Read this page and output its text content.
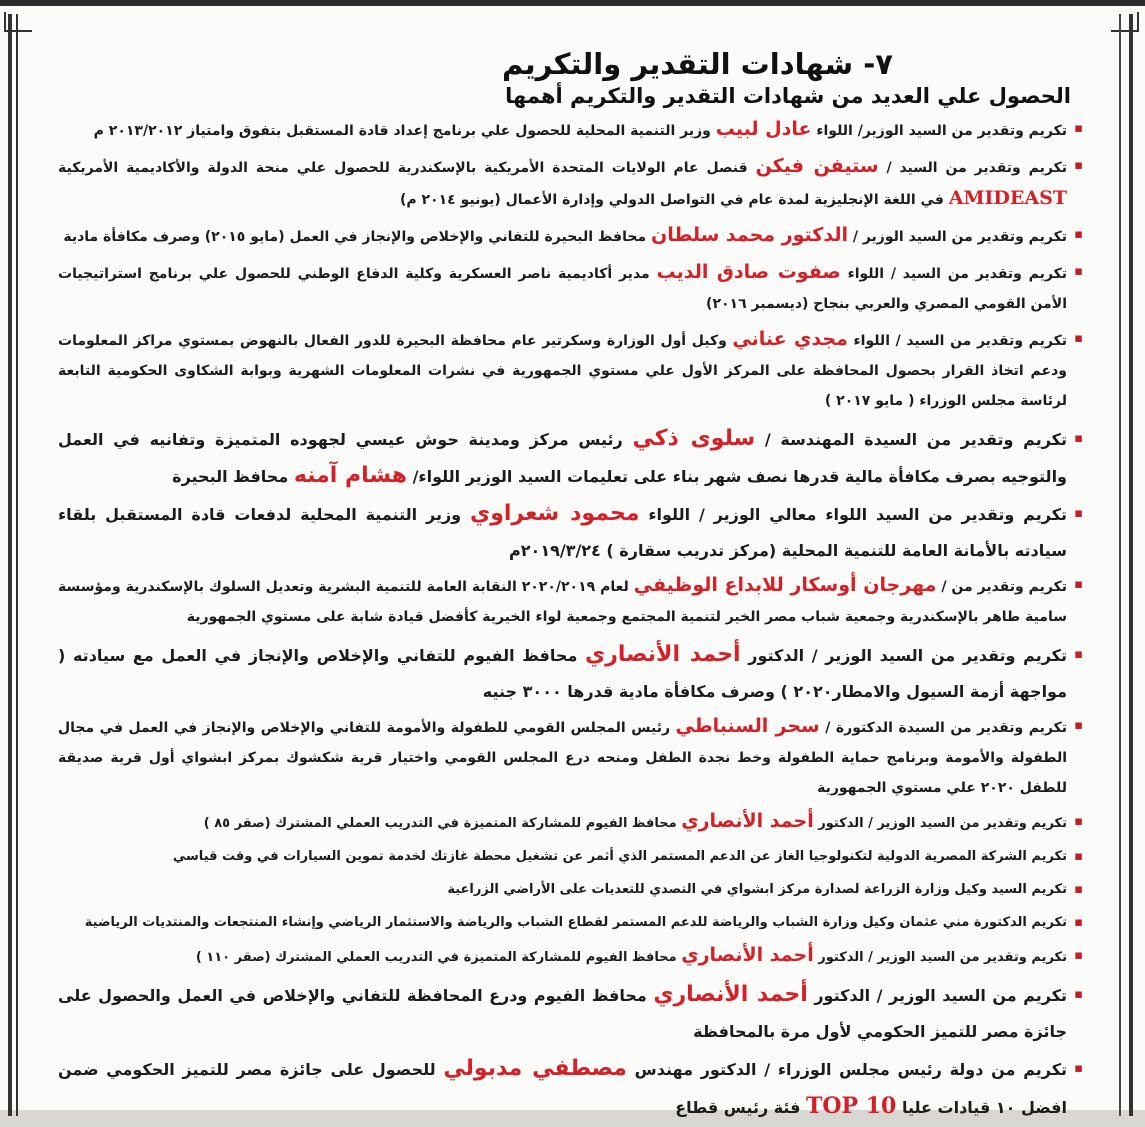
٧- شهادات التقدير والتكريم
الحصول علي العديد من شهادات التقدير والتكريم أهمها

▪
تكريم وتقدير من السيد الوزير/ اللواء عادل لبيب وزير التنمية المحلية للحصول علي برنامج إعداد قادة المستقبل بتفوق وامتياز ٢٠١٣/٢٠١٢ م

▪
تكريم وتقدير من السيد / ستيفن فيكن قنصل عام الولايات المتحدة الأمريكية بالإسكندرية للحصول علي منحة الدولة والأكاديمية الأمريكية AMIDEAST في اللغة الإنجليزية لمدة عام في التواصل الدولي وإدارة الأعمال (يونيو ٢٠١٤ م)

▪
تكريم وتقدير من السيد الوزير / الدكتور محمد سلطان محافظ البحيرة للتفاني والإخلاص والإنجاز في العمل (مايو ٢٠١٥) وصرف مكافأة مادية

▪
تكريم وتقدير من السيد / اللواء صفوت صادق الديب مدير أكاديمية ناصر العسكرية وكلية الدفاع الوطني للحصول علي برنامج استراتيجيات الأمن القومي المصري والعربي بنجاح (ديسمبر ٢٠١٦)

▪
تكريم وتقدير من السيد / اللواء مجدي عناني وكيل أول الوزارة وسكرتير عام محافظة البحيرة للدور الفعال بالنهوض بمستوي مراكز المعلومات ودعم اتخاذ القرار بحصول المحافظة على المركز الأول علي مستوي الجمهورية في نشرات المعلومات الشهرية وبوابة الشكاوى الحكومية التابعة لرئاسة مجلس الوزراء ( مايو ٢٠١٧ )

▪
تكريم وتقدير من السيدة المهندسة / سلوى ذكي رئيس مركز ومدينة حوش عيسي لجهوده المتميزة وتفانيه في العمل والتوجيه بصرف مكافأة مالية قدرها نصف شهر بناء على تعليمات السيد الوزير اللواء/ هشام آمنه محافظ البحيرة

▪
تكريم وتقدير من السيد اللواء معالي الوزير / اللواء محمود شعراوي وزير التنمية المحلية لدفعات قادة المستقبل بلقاء سيادته بالأمانة العامة للتنمية المحلية (مركز تدريب سقارة ) ٢٠١٩/٣/٢٤م

▪
تكريم وتقدير من / مهرجان أوسكار للابداع الوظيفي لعام ٢٠٢٠/٢٠١٩ النقابة العامة للتنمية البشرية وتعديل السلوك بالإسكندرية ومؤسسة سامية طاهر بالإسكندرية وجمعية شباب مصر الخير لتنمية المجتمع وجمعية لواء الخيرية كأفضل قيادة شابة على مستوي الجمهورية

▪
تكريم وتقدير من السيد الوزير / الدكتور أحمد الأنصاري محافظ الفيوم للتفاني والإخلاص والإنجاز في العمل مع سيادته ( مواجهة أزمة السيول والامطار٢٠٢٠ ) وصرف مكافأة مادية قدرها ٣٠٠٠ جنيه

▪
تكريم وتقدير من السيدة الدكتورة / سحر السنباطي رئيس المجلس القومي للطفولة والأمومة للتفاني والإخلاص والإنجاز في العمل في مجال الطفولة والأمومة وبرنامج حماية الطفولة وخط نجدة الطفل ومنحه درع المجلس القومي واختيار قرية شكشوك بمركز ابشواي أول قرية صديقة للطفل ٢٠٢٠ علي مستوي الجمهورية

▪
تكريم وتقدير من السيد الوزير / الدكتور أحمد الأنصاري محافظ الفيوم للمشاركة المتميزة في التدريب العملي المشترك (صقر ٨٥ )

▪
تكريم الشركة المصرية الدولية لتكنولوجيا الغاز عن الدعم المستمر الذي أثمر عن تشغيل محطة غازتك لخدمة تموين السيارات في وقت قياسي

▪
تكريم السيد وكيل وزارة الزراعة لصدارة مركز ابشواي في التصدي للتعديات على الأراضي الزراعية

▪
تكريم الدكتورة مني عثمان وكيل وزارة الشباب والرياضة للدعم المستمر لقطاع الشباب والرياضة والاستثمار الرياضي وإنشاء المنتجعات والمنتديات الرياضية

▪
تكريم وتقدير من السيد الوزير / الدكتور أحمد الأنصاري محافظ الفيوم للمشاركة المتميزة في التدريب العملي المشترك (صقر ١١٠ )

▪
تكريم من السيد الوزير / الدكتور أحمد الأنصاري محافظ الفيوم ودرع المحافظة للتفاني والإخلاص في العمل والحصول على جائزة مصر للتميز الحكومي لأول مرة بالمحافظة

▪
تكريم من دولة رئيس مجلس الوزراء / الدكتور مهندس مصطفي مدبولي للحصول على جائزة مصر للتميز الحكومي ضمن افضل ١٠ قيادات عليا TOP 10 فئة رئيس قطاع
